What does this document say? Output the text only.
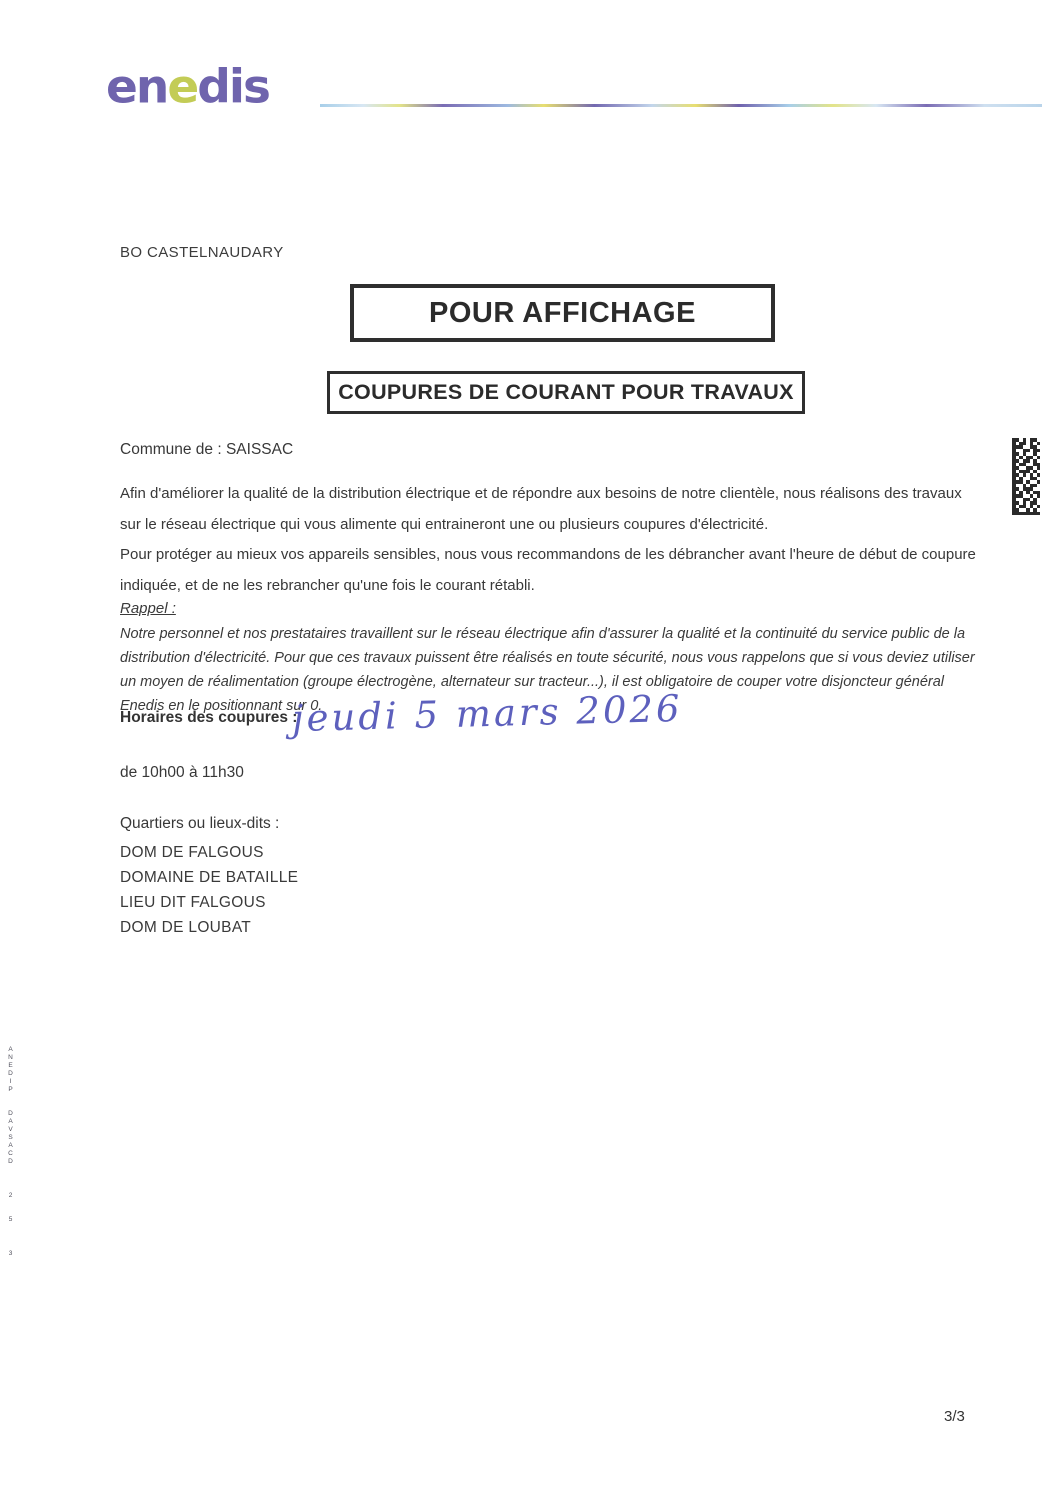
enedis
BO CASTELNAUDARY
POUR AFFICHAGE
COUPURES DE COURANT POUR TRAVAUX
Commune de : SAISSAC
Afin d'améliorer la qualité de la distribution électrique et de répondre aux besoins de notre clientèle, nous réalisons des travaux sur le réseau électrique qui vous alimente qui entraineront une ou plusieurs coupures d'électricité.
Pour protéger au mieux vos appareils sensibles, nous vous recommandons de les débrancher avant l'heure de début de coupure indiquée, et de ne les rebrancher qu'une fois le courant rétabli.
Rappel :
Notre personnel et nos prestataires travaillent sur le réseau électrique afin d'assurer la qualité et la continuité du service public de la distribution d'électricité. Pour que ces travaux puissent être réalisés en toute sécurité, nous vous rappelons que si vous deviez utiliser un moyen de réalimentation (groupe électrogène, alternateur sur tracteur...), il est obligatoire de couper votre disjoncteur général Enedis en le positionnant sur 0.
Horaires des coupures :
jeudi 5 mars 2026
de 10h00 à 11h30
Quartiers ou lieux-dits :
DOM DE FALGOUS
DOMAINE DE BATAILLE
LIEU DIT FALGOUS
DOM DE LOUBAT
ANEDIP
DAVSACD
2
5
3
3/3
